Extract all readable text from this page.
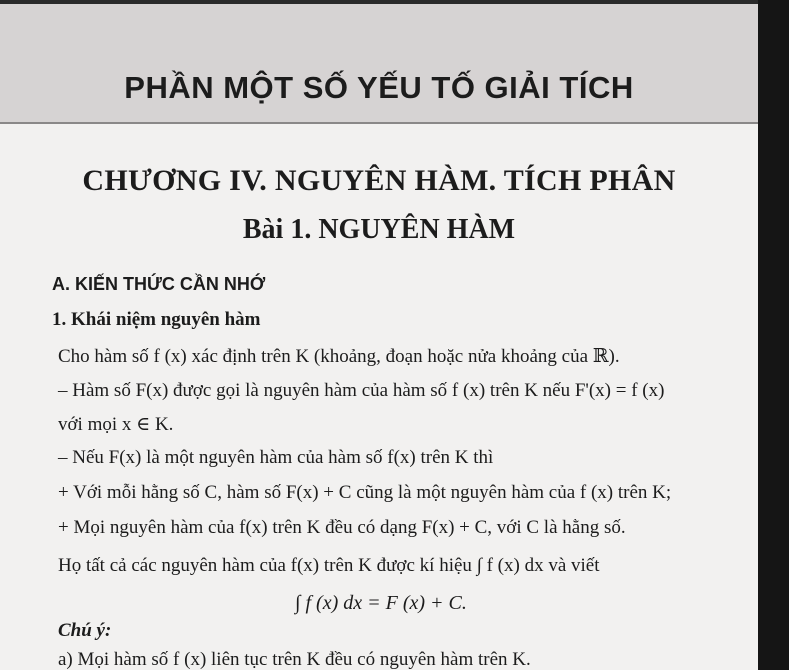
PHẦN MỘT SỐ YẾU TỐ GIẢI TÍCH
CHƯƠNG IV. NGUYÊN HÀM. TÍCH PHÂN
Bài 1. NGUYÊN HÀM
A. KIẾN THỨC CẦN NHỚ
1. Khái niệm nguyên hàm
Cho hàm số f (x) xác định trên K (khoảng, đoạn hoặc nửa khoảng của ℝ).
– Hàm số F(x) được gọi là nguyên hàm của hàm số f (x) trên K nếu F'(x) = f (x)
với mọi x ∈ K.
– Nếu F(x) là một nguyên hàm của hàm số f(x) trên K thì
+ Với mỗi hằng số C, hàm số F(x) + C cũng là một nguyên hàm của f (x) trên K;
+ Mọi nguyên hàm của f(x) trên K đều có dạng F(x) + C, với C là hằng số.
Họ tất cả các nguyên hàm của f(x) trên K được kí hiệu ∫ f (x) dx và viết
∫ f (x) dx = F (x) + C.
Chú ý:
a) Mọi hàm số f (x) liên tục trên K đều có nguyên hàm trên K.
